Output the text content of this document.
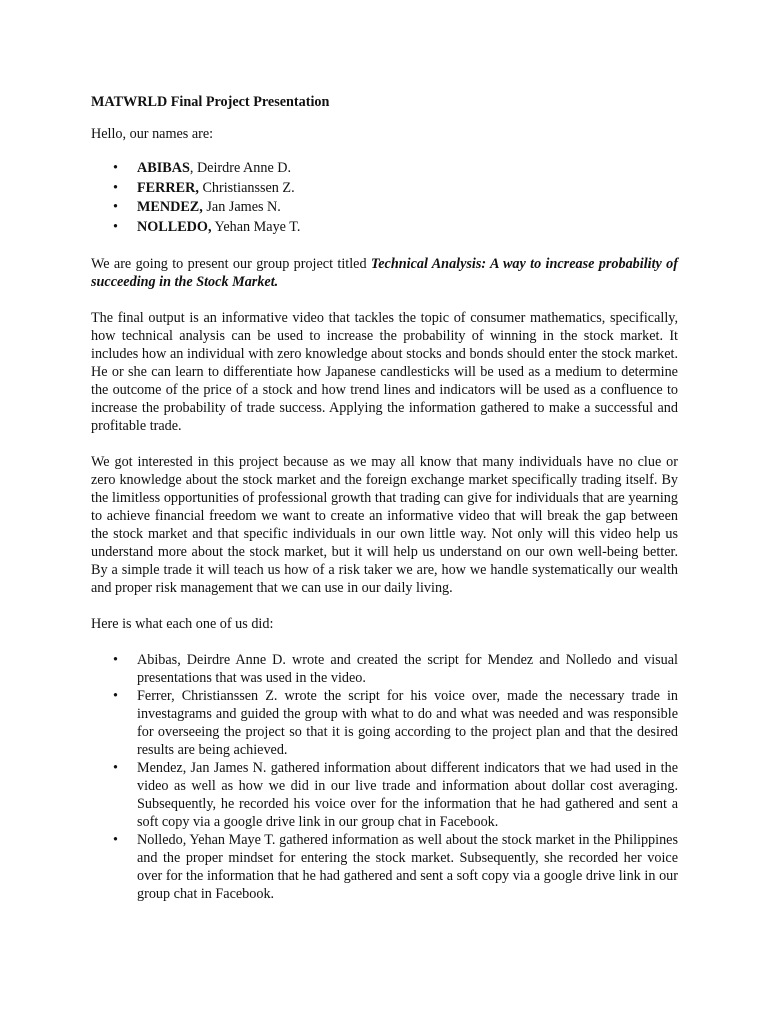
MATWRLD Final Project Presentation
Hello, our names are:
• ABIBAS, Deirdre Anne D.
• FERRER, Christianssen Z.
• MENDEZ, Jan James N.
• NOLLEDO, Yehan Maye T.

We are going to present our group project titled Technical Analysis: A way to increase probability of succeeding in the Stock Market.

The final output is an informative video that tackles the topic of consumer mathematics, specifically, how technical analysis can be used to increase the probability of winning in the stock market. It includes how an individual with zero knowledge about stocks and bonds should enter the stock market. He or she can learn to differentiate how Japanese candlesticks will be used as a medium to determine the outcome of the price of a stock and how trend lines and indicators will be used as a confluence to increase the probability of trade success. Applying the information gathered to make a successful and profitable trade.

We got interested in this project because as we may all know that many individuals have no clue or zero knowledge about the stock market and the foreign exchange market specifically trading itself. By the limitless opportunities of professional growth that trading can give for individuals that are yearning to achieve financial freedom we want to create an informative video that will break the gap between the stock market and that specific individuals in our own little way. Not only will this video help us understand more about the stock market, but it will help us understand on our own well-being better. By a simple trade it will teach us how of a risk taker we are, how we handle systematically our wealth and proper risk management that we can use in our daily living.

Here is what each one of us did:
• Abibas, Deirdre Anne D. wrote and created the script for Mendez and Nolledo and visual presentations that was used in the video.
• Ferrer, Christianssen Z. wrote the script for his voice over, made the necessary trade in investagrams and guided the group with what to do and what was needed and was responsible for overseeing the project so that it is going according to the project plan and that the desired results are being achieved.
• Mendez, Jan James N. gathered information about different indicators that we had used in the video as well as how we did in our live trade and information about dollar cost averaging. Subsequently, he recorded his voice over for the information that he had gathered and sent a soft copy via a google drive link in our group chat in Facebook.
• Nolledo, Yehan Maye T. gathered information as well about the stock market in the Philippines and the proper mindset for entering the stock market. Subsequently, she recorded her voice over for the information that he had gathered and sent a soft copy via a google drive link in our group chat in Facebook.
